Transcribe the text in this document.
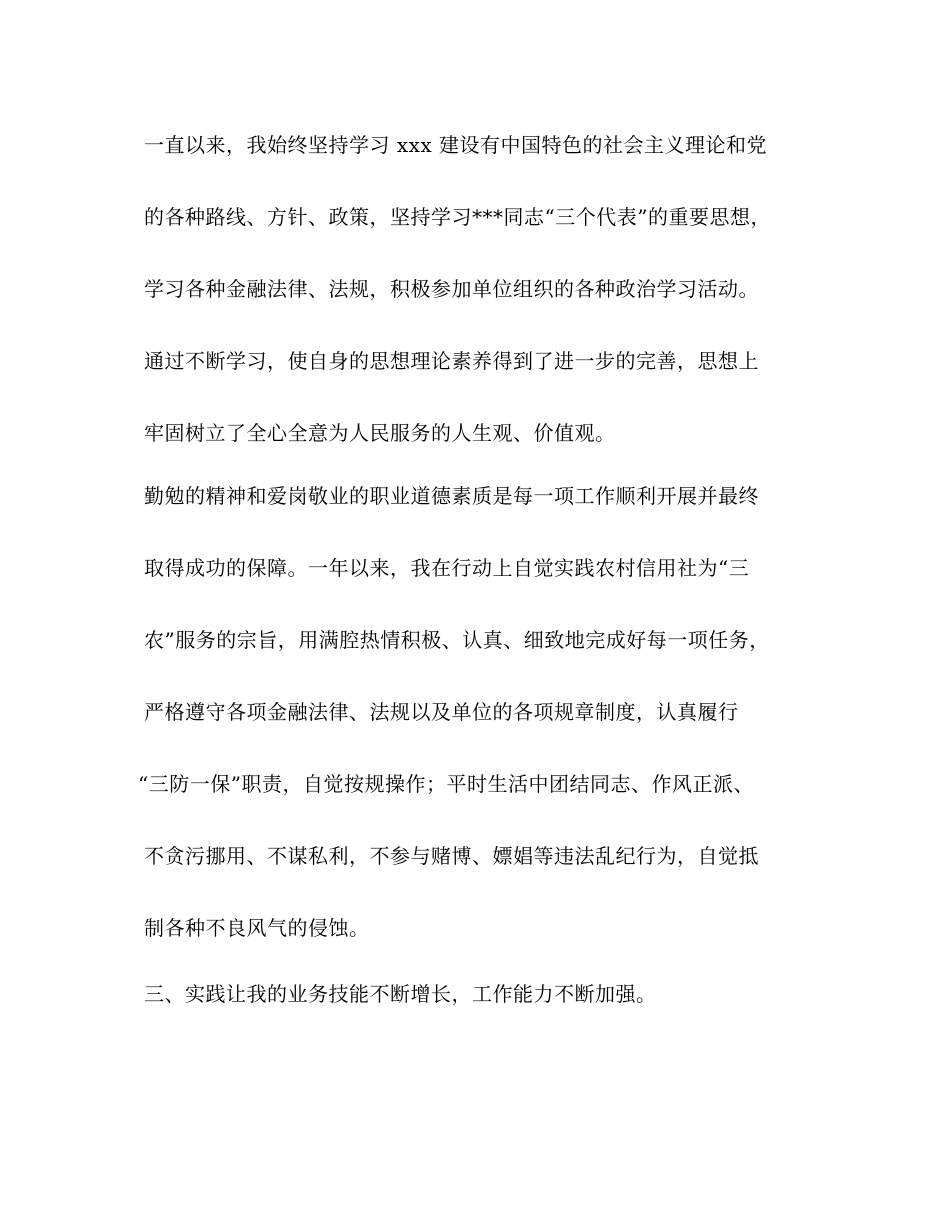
一直以来，我始终坚持学习 xxx 建设有中国特色的社会主义理论和党
的各种路线、方针、政策，坚持学习***同志“三个代表”的重要思想，
学习各种金融法律、法规，积极参加单位组织的各种政治学习活动。
通过不断学习，使自身的思想理论素养得到了进一步的完善，思想上
牢固树立了全心全意为人民服务的人生观、价值观。
勤勉的精神和爱岗敬业的职业道德素质是每一项工作顺利开展并最终
取得成功的保障。一年以来，我在行动上自觉实践农村信用社为“三
农”服务的宗旨，用满腔热情积极、认真、细致地完成好每一项任务，
严格遵守各项金融法律、法规以及单位的各项规章制度，认真履行
“三防一保”职责，自觉按规操作；平时生活中团结同志、作风正派、
不贪污挪用、不谋私利，不参与赌博、嫖娼等违法乱纪行为，自觉抵
制各种不良风气的侵蚀。
三、实践让我的业务技能不断增长，工作能力不断加强。
